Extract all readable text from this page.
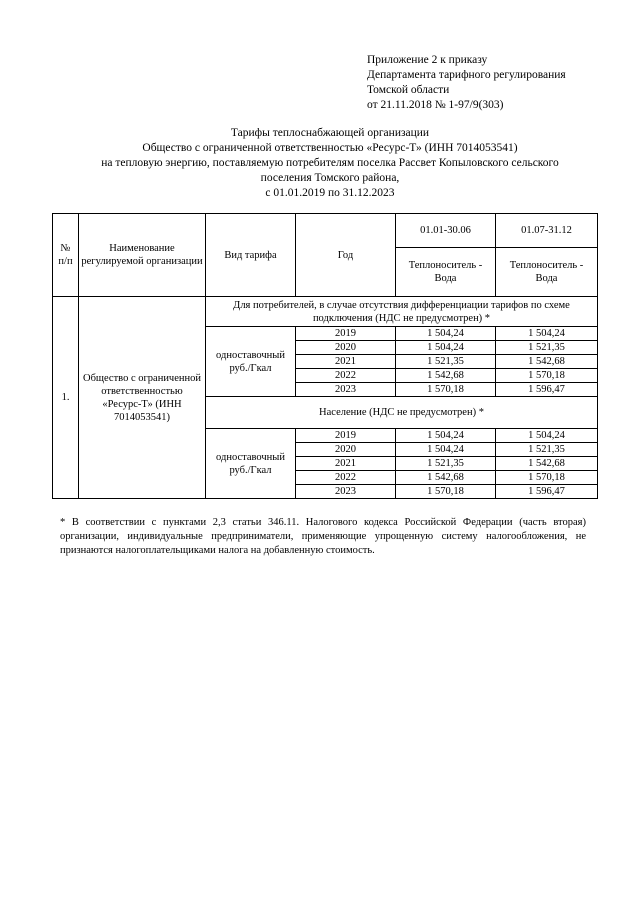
Приложение 2 к приказу
Департамента тарифного регулирования
Томской области
от 21.11.2018 № 1-97/9(303)
Тарифы теплоснабжающей организации
Общество с ограниченной ответственностью «Ресурс-Т» (ИНН 7014053541)
на тепловую энергию, поставляемую потребителям поселка Рассвет Копыловского сельского
поселения Томского района,
с 01.01.2019 по 31.12.2023
№ п/п	Наименование регулируемой организации	Вид тарифа	Год	01.01-30.06	01.07-31.12
				Теплоноситель - Вода	Теплоноситель - Вода
1.	Общество с ограниченной ответственностью «Ресурс-Т» (ИНН 7014053541)	Для потребителей, в случае отсутствия дифференциации тарифов по схеме подключения (НДС не предусмотрен) *			
		одноставочный руб./Гкал	2019	1 504,24	1 504,24
			2020	1 504,24	1 521,35
			2021	1 521,35	1 542,68
			2022	1 542,68	1 570,18
			2023	1 570,18	1 596,47
		Население (НДС не предусмотрен) *			
		одноставочный руб./Гкал	2019	1 504,24	1 504,24
			2020	1 504,24	1 521,35
			2021	1 521,35	1 542,68
			2022	1 542,68	1 570,18
			2023	1 570,18	1 596,47
* В соответствии с пунктами 2,3 статьи 346.11. Налогового кодекса Российской Федерации (часть вторая) организации, индивидуальные предприниматели, применяющие упрощенную систему налогообложения, не признаются налогоплательщиками налога на добавленную стоимость.
